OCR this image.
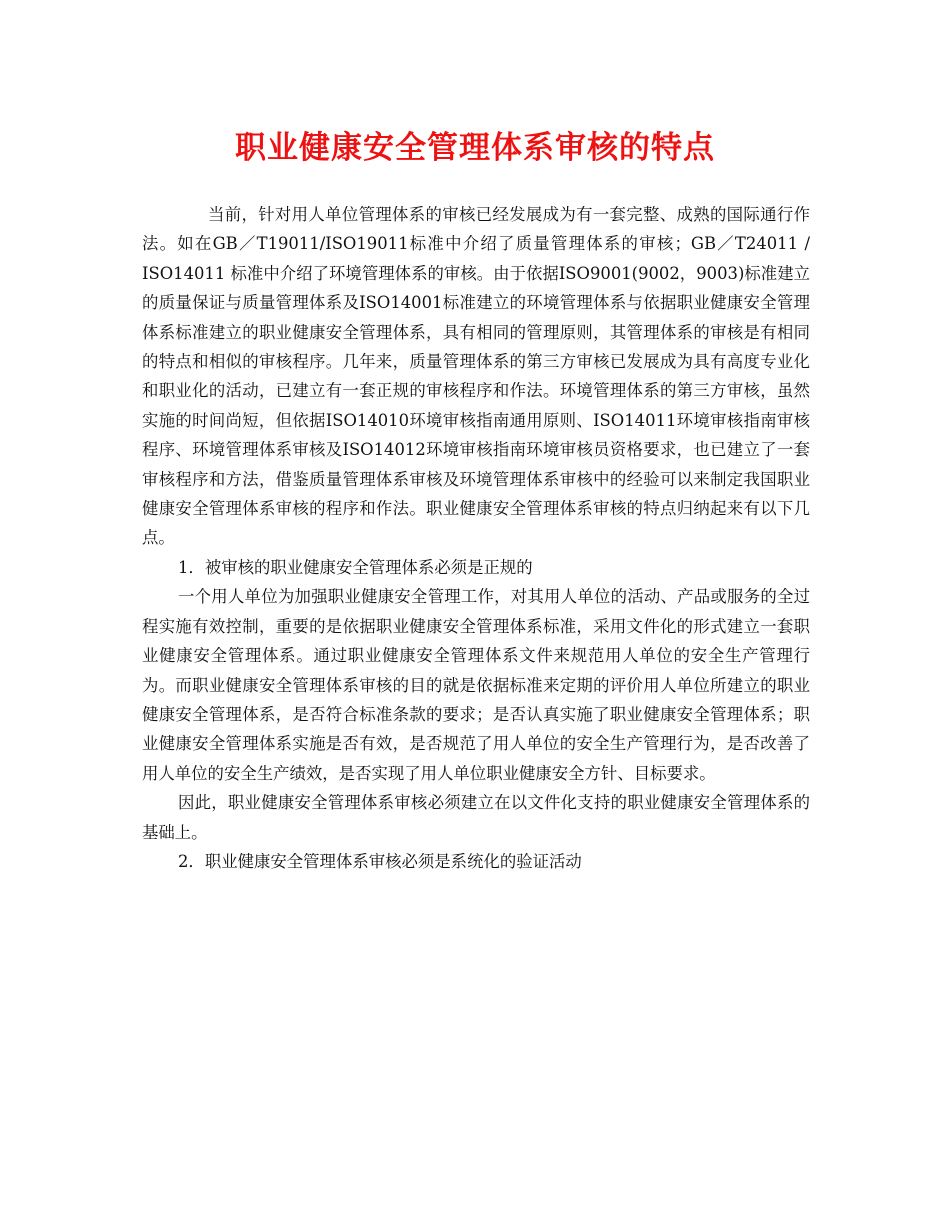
职业健康安全管理体系审核的特点

当前，针对用人单位管理体系的审核已经发展成为有一套完整、成熟的国际通行作法。如在GB／T19011/ISO19011标准中介绍了质量管理体系的审核；GB／T24011 / ISO14011 标准中介绍了环境管理体系的审核。由于依据ISO9001(9002，9003)标准建立的质量保证与质量管理体系及ISO14001标准建立的环境管理体系与依据职业健康安全管理体系标准建立的职业健康安全管理体系，具有相同的管理原则，其管理体系的审核是有相同的特点和相似的审核程序。几年来，质量管理体系的第三方审核已发展成为具有高度专业化和职业化的活动，已建立有一套正规的审核程序和作法。环境管理体系的第三方审核，虽然实施的时间尚短，但依据ISO14010环境审核指南通用原则、ISO14011环境审核指南审核程序、环境管理体系审核及ISO14012环境审核指南环境审核员资格要求，也已建立了一套审核程序和方法，借鉴质量管理体系审核及环境管理体系审核中的经验可以来制定我国职业健康安全管理体系审核的程序和作法。职业健康安全管理体系审核的特点归纳起来有以下几点。

1．被审核的职业健康安全管理体系必须是正规的

一个用人单位为加强职业健康安全管理工作，对其用人单位的活动、产品或服务的全过程实施有效控制，重要的是依据职业健康安全管理体系标准，采用文件化的形式建立一套职业健康安全管理体系。通过职业健康安全管理体系文件来规范用人单位的安全生产管理行为。而职业健康安全管理体系审核的目的就是依据标准来定期的评价用人单位所建立的职业健康安全管理体系，是否符合标准条款的要求；是否认真实施了职业健康安全管理体系；职业健康安全管理体系实施是否有效，是否规范了用人单位的安全生产管理行为，是否改善了用人单位的安全生产绩效，是否实现了用人单位职业健康安全方针、目标要求。

因此，职业健康安全管理体系审核必须建立在以文件化支持的职业健康安全管理体系的基础上。

2．职业健康安全管理体系审核必须是系统化的验证活动
